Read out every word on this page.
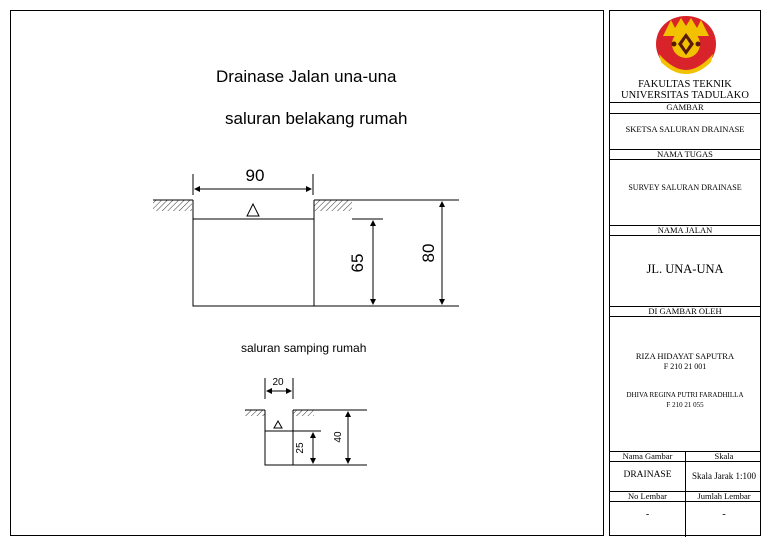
Drainase Jalan una-una
saluran belakang rumah
saluran samping rumah
90
65
80
20
25
40
FAKULTAS TEKNIK
UNIVERSITAS TADULAKO
GAMBAR
SKETSA SALURAN DRAINASE
NAMA TUGAS
SURVEY SALURAN DRAINASE
NAMA JALAN
JL. UNA-UNA
DI GAMBAR OLEH
RIZA HIDAYAT SAPUTRA
F 210 21 001
DHIVA REGINA PUTRI FARADHILLA
F 210 21 055
Nama Gambar	Skala
DRAINASE	Skala Jarak 1:100
No Lembar	Jumlah Lembar
-	-
